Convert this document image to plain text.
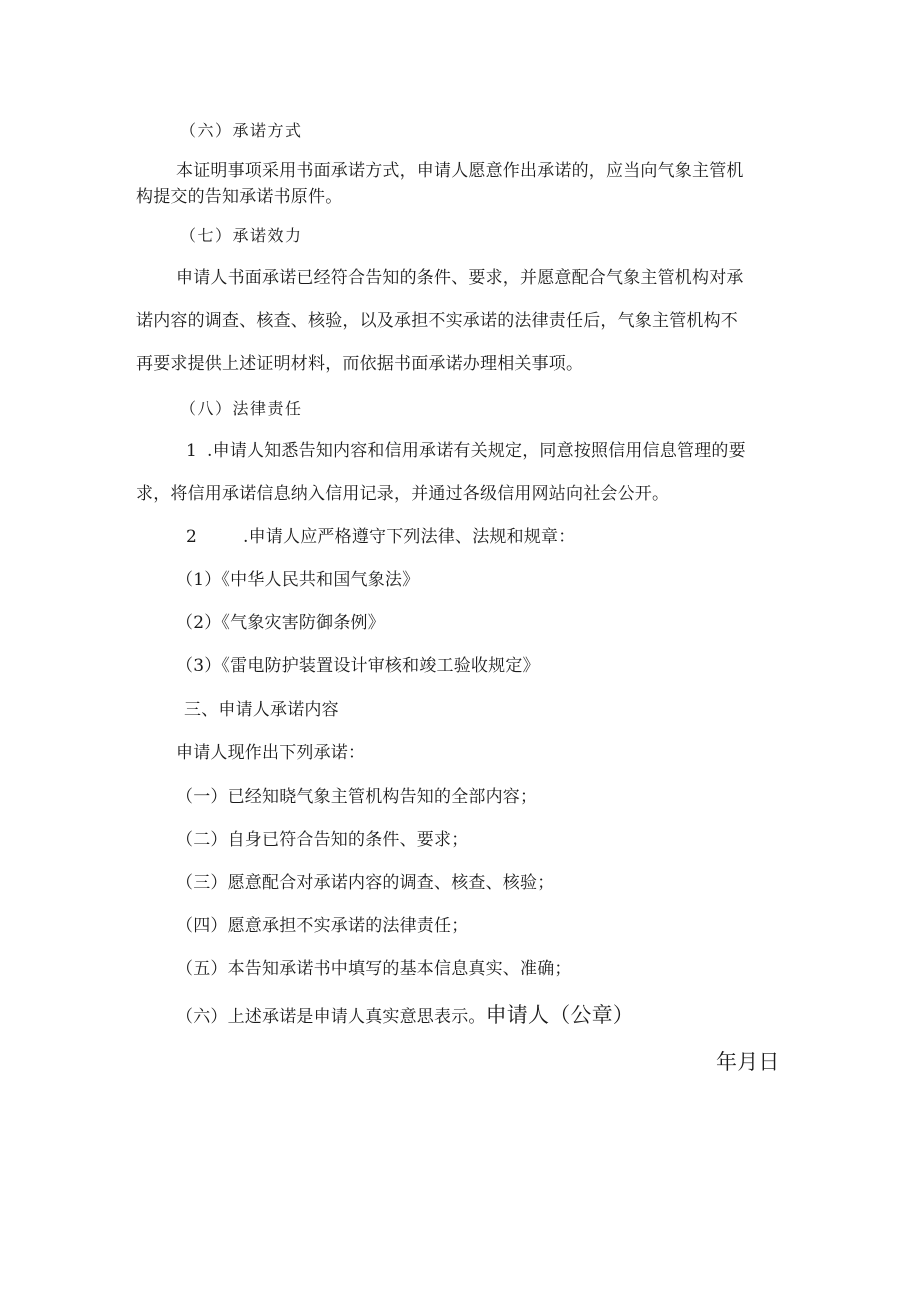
（六）承诺方式
本证明事项采用书面承诺方式，申请人愿意作出承诺的，应当向气象主管机
构提交的告知承诺书原件。
（七）承诺效力
申请人书面承诺已经符合告知的条件、要求，并愿意配合气象主管机构对承
诺内容的调查、核查、核验，以及承担不实承诺的法律责任后，气象主管机构不
再要求提供上述证明材料，而依据书面承诺办理相关事项。
（八）法律责任
1 .申请人知悉告知内容和信用承诺有关规定，同意按照信用信息管理的要
求，将信用承诺信息纳入信用记录，并通过各级信用网站向社会公开。
2	.申请人应严格遵守下列法律、法规和规章：
（1）《中华人民共和国气象法》
（2）《气象灾害防御条例》
（3）《雷电防护装置设计审核和竣工验收规定》
三、申请人承诺内容
申请人现作出下列承诺：
（一）已经知晓气象主管机构告知的全部内容；
（二）自身已符合告知的条件、要求；
（三）愿意配合对承诺内容的调查、核查、核验；
（四）愿意承担不实承诺的法律责任；
（五）本告知承诺书中填写的基本信息真实、准确；
（六）上述承诺是申请人真实意思表示。申请人（公章）
年月日
